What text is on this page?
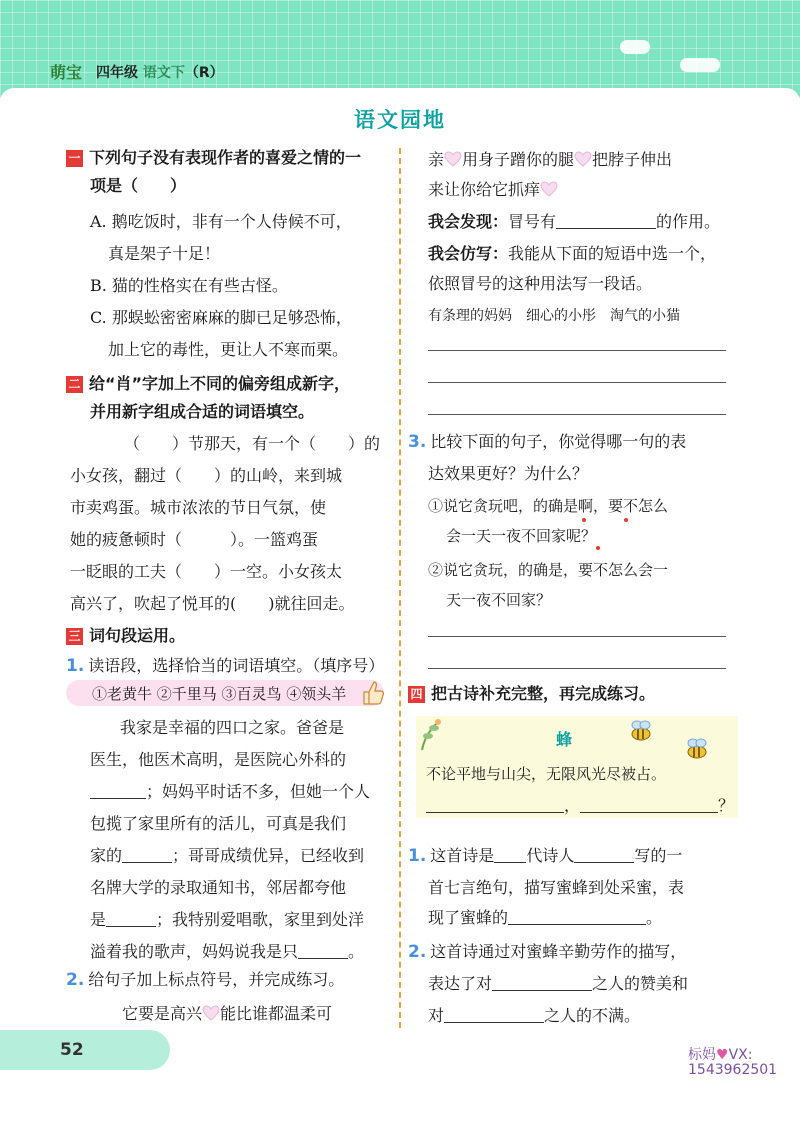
萌宝 四年级 语文下（R）
语文园地
一 下列句子没有表现作者的喜爱之情的一
项是（　　）
A. 鹅吃饭时，非有一个人侍候不可，
真是架子十足！
B. 猫的性格实在有些古怪。
C. 那蜈蚣密密麻麻的脚已足够恐怖，
加上它的毒性，更让人不寒而栗。
二 给“肖”字加上不同的偏旁组成新字，
并用新字组成合适的词语填空。
（　　）节那天，有一个（　　）的
小女孩，翻过（　　）的山岭，来到城
市卖鸡蛋。城市浓浓的节日气氛，使
她的疲惫顿时（　　　）。一篮鸡蛋
一眨眼的工夫（　　）一空。小女孩太
高兴了，吹起了悦耳的(　　)就往回走。
三 词句段运用。
1. 读语段，选择恰当的词语填空。（填序号）
①老黄牛 ②千里马 ③百灵鸟 ④领头羊
我家是幸福的四口之家。爸爸是
医生，他医术高明，是医院心外科的
；妈妈平时话不多，但她一个人
包揽了家里所有的活儿，可真是我们
家的	；哥哥成绩优异，已经收到
名牌大学的录取通知书，邻居都夸他
是	；我特别爱唱歌，家里到处洋
溢着我的歌声，妈妈说我是只	。
2. 给句子加上标点符号，并完成练习。
它要是高兴 能比谁都温柔可
亲 用身子蹭你的腿 把脖子伸出
来让你给它抓痒
我会发现：冒号有	的作用。
我会仿写：我能从下面的短语中选一个，
依照冒号的这种用法写一段话。
有条理的妈妈　细心的小彤　淘气的小猫
3. 比较下面的句子，你觉得哪一句的表
达效果更好？为什么？
①说它贪玩吧，的确是啊，要不怎么
会一天一夜不回家呢？
②说它贪玩，的确是，要不怎么会一
天一夜不回家？
四 把古诗补充完整，再完成练习。
蜂
不论平地与山尖，无限风光尽被占。
，	？
1. 这首诗是 代诗人	写的一
首七言绝句，描写蜜蜂到处采蜜，表
现了蜜蜂的	。
2. 这首诗通过对蜜蜂辛勤劳作的描写，
表达了对	之人的赞美和
对	之人的不满。
52	标妈♥VX:
1543962501
